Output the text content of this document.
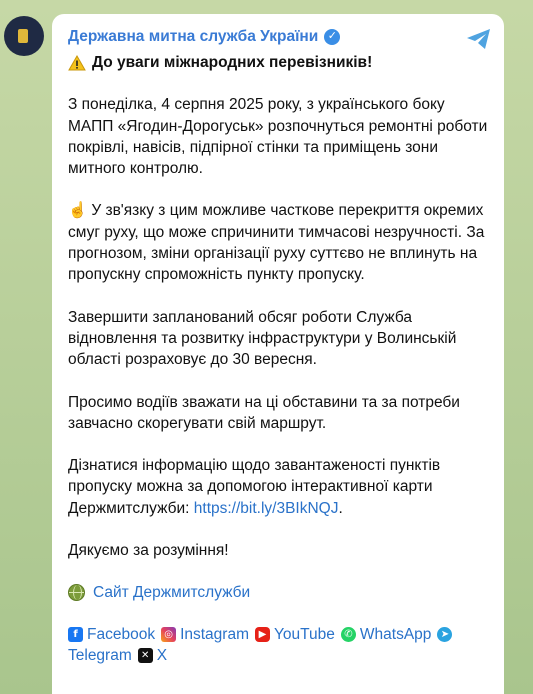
Державна митна служба України ✓
До уваги міжнародних перевізників!

З понеділка, 4 серпня 2025 року, з українського боку МАПП «Ягодин-Дорогуськ» розпочнуться ремонтні роботи покрівлі, навісів, підпірної стінки та приміщень зони митного контролю.

☝️ У зв'язку з цим можливе часткове перекриття окремих смуг руху, що може спричинити тимчасові незручності. За прогнозом, зміни організації руху суттєво не вплинуть на пропускну спроможність пункту пропуску.

Завершити запланований обсяг роботи Служба відновлення та розвитку інфраструктури у Волинській області розраховує до 30 вересня.

Просимо водіїв зважати на ці обставини та за потреби завчасно скорегувати свій маршрут.

Дізнатися інформацію щодо завантаженості пунктів пропуску можна за допомогою інтерактивної карти Держмитслужби: https://bit.ly/3BIkNQJ.

Дякуємо за розуміння!

Сайт Держмитслужби
f Facebook ◎ Instagram ▶ YouTube ✆ WhatsApp ➤
Telegram ✕ X
